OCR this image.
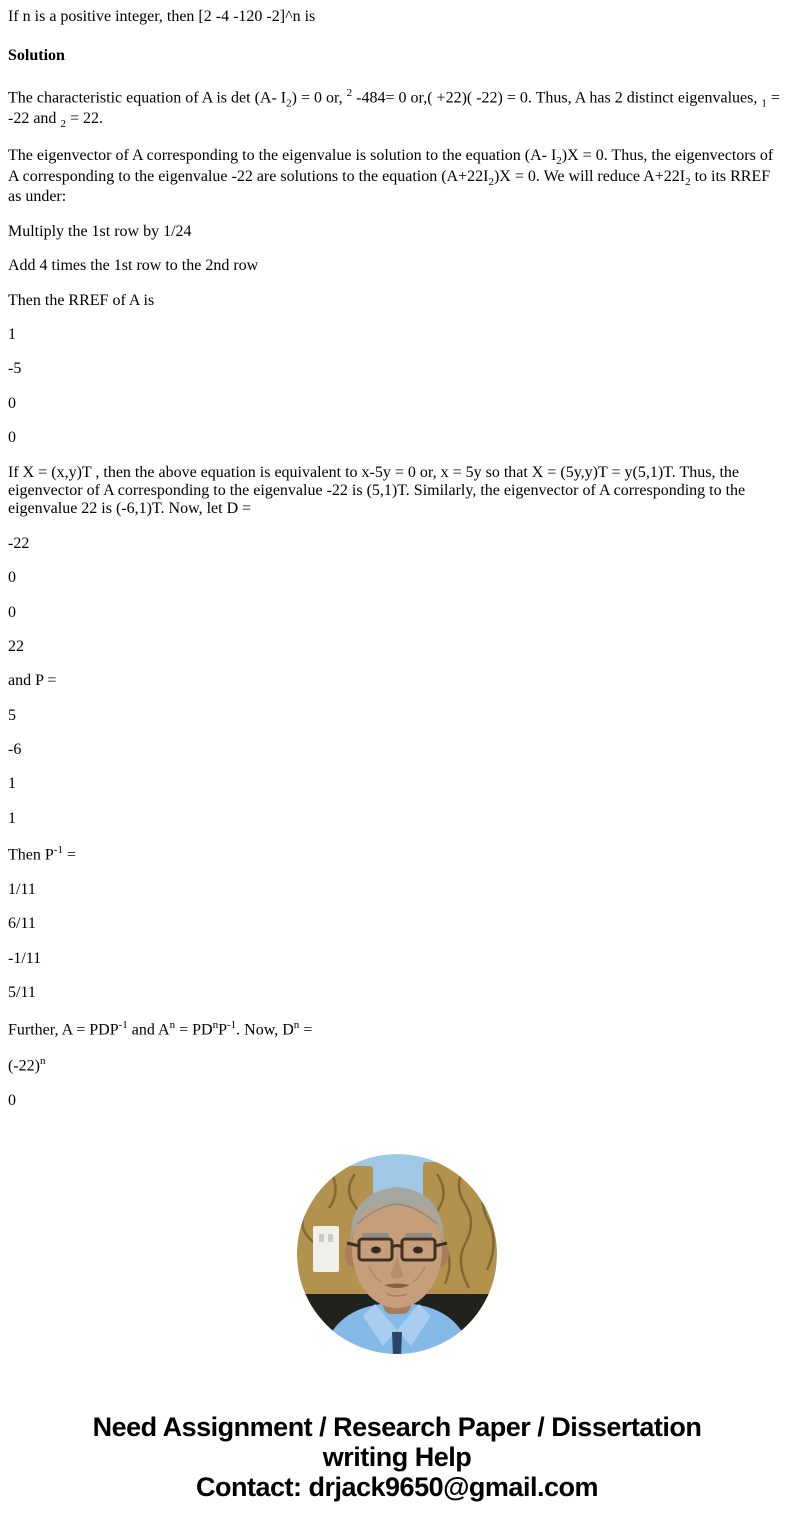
If n is a positive integer, then [2 -4 -120 -2]^n is

Solution

The characteristic equation of A is det (A- $I_2) = 0$ or, $^2$ -484= 0 or,( +22)( -22) = 0. Thus, A has 2 distinct eigenvalues, $_1$ = -22 and $_2$ = 22.

The eigenvector of A corresponding to the eigenvalue is solution to the equation (A- $I_2)X = 0$. Thus, the eigenvectors of A corresponding to the eigenvalue -22 are solutions to the equation $(A+22I_2)X = 0$. We will reduce $A+22I_2$ to its RREF as under:

Multiply the 1st row by 1/24

Add 4 times the 1st row to the 2nd row

Then the RREF of A is

1

-5

0

0

If X = (x,y)T , then the above equation is equivalent to x-5y = 0 or, x = 5y so that X = (5y,y)T = y(5,1)T. Thus, the eigenvector of A corresponding to the eigenvalue -22 is (5,1)T. Similarly, the eigenvector of A corresponding to the eigenvalue 22 is (-6,1)T. Now, let D =

-22

0

0

22

and P =

5

-6

1

1

Then $P^{-1}$ =

1/11

6/11

-1/11

5/11

Further, $A = PDP^{-1}$ and $A^n = PD^nP^{-1}$. Now, $D^n$ =

$(-22)^n$

0

Need Assignment / Research Paper / Dissertation
writing Help
Contact: drjack9650@gmail.com
